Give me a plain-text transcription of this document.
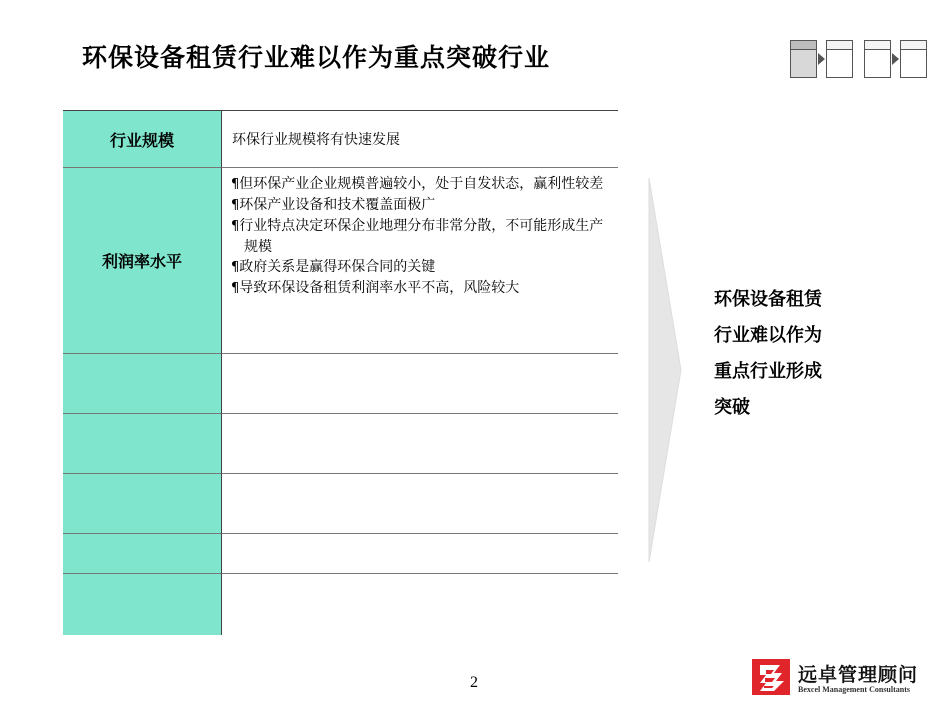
环保设备租赁行业难以作为重点突破行业
行业规模	环保行业规模将有快速发展
利润率水平
¶但环保产业企业规模普遍较小，处于自发状态，赢利性较差
¶环保产业设备和技术覆盖面极广
¶行业特点决定环保企业地理分布非常分散，不可能形成生产规模
¶政府关系是赢得环保合同的关键
¶导致环保设备租赁利润率水平不高，风险较大
环保设备租赁
行业难以作为
重点行业形成
突破
2	远卓管理顾问
Bexcel Management Consultants
